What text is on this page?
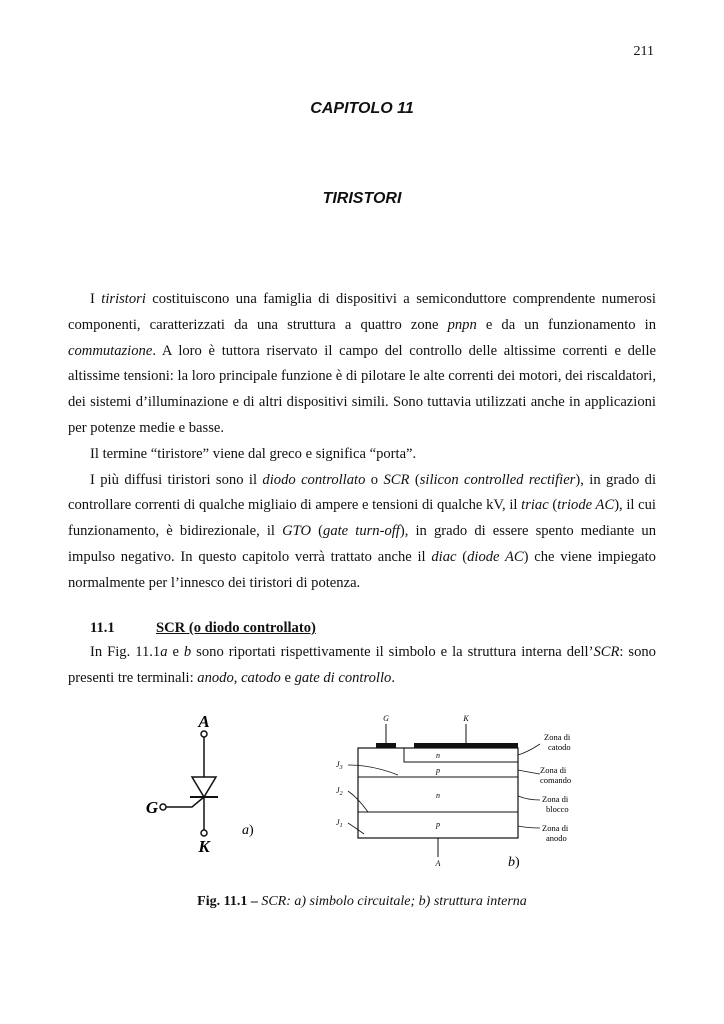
211
CAPITOLO 11
TIRISTORI

I tiristori costituiscono una famiglia di dispositivi a semiconduttore comprendente numerosi componenti, caratterizzati da una struttura a quattro zone pnpn e da un funzionamento in commutazione. A loro è tuttora riservato il campo del controllo delle altissime correnti e delle altissime tensioni: la loro principale funzione è di pilotare le alte correnti dei motori, dei riscaldatori, dei sistemi d’illuminazione e di altri dispositivi simili. Sono tuttavia utilizzati anche in applicazioni per potenze medie e basse.

Il termine “tiristore” viene dal greco e significa “porta”.

I più diffusi tiristori sono il diodo controllato o SCR (silicon controlled rectifier), in grado di controllare correnti di qualche migliaio di ampere e tensioni di qualche kV, il triac (triode AC), il cui funzionamento, è bidirezionale, il GTO (gate turn-off), in grado di essere spento mediante un impulso negativo. In questo capitolo verrà trattato anche il diac (diode AC) che viene impiegato normalmente per l’innesco dei tiristori di potenza.

11.1	SCR (o diodo controllato)

In Fig. 11.1a e b sono riportati rispettivamente il simbolo e la struttura interna dell’SCR: sono presenti tre terminali: anodo, catodo e gate di controllo.

A
G
K
a)
G	K
n
p
n
p
$J_3$
$J_2$
$J_1$
Zona di catodo
Zona di comando
Zona di blocco
Zona di anodo
A	b)
Fig. 11.1 – SCR: a) simbolo circuitale; b) struttura interna
